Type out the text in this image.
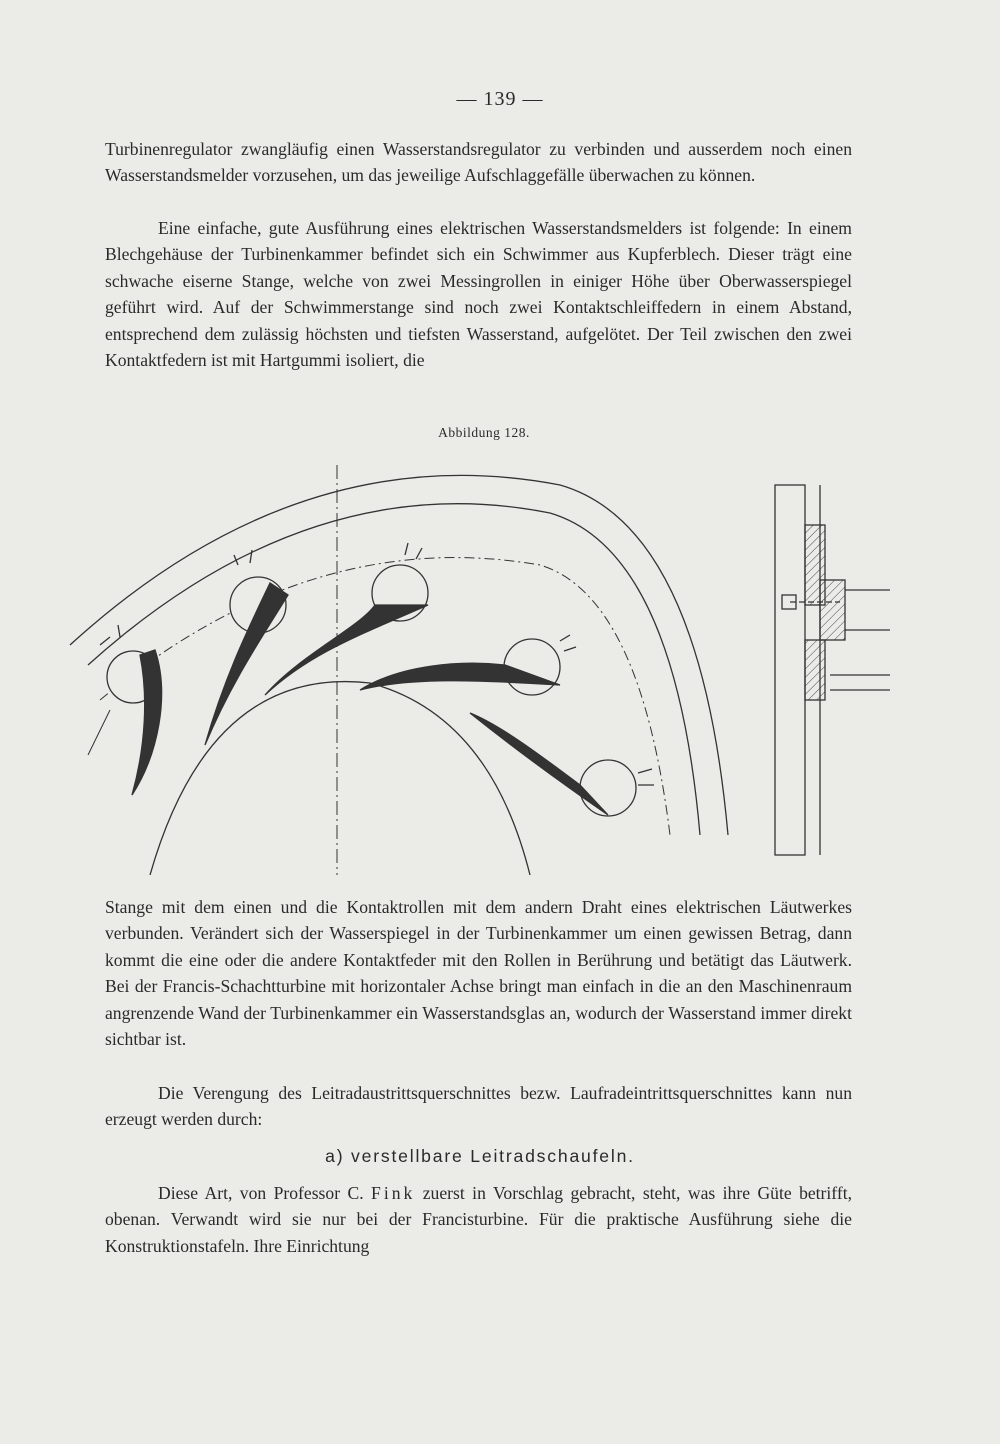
— 139 —

Turbinenregulator zwangläufig einen Wasserstandsregulator zu verbinden und ausserdem noch einen Wasserstandsmelder vorzusehen, um das jeweilige Aufschlaggefälle überwachen zu können.

Eine einfache, gute Ausführung eines elektrischen Wasserstandsmelders ist folgende: In einem Blechgehäuse der Turbinenkammer befindet sich ein Schwimmer aus Kupferblech. Dieser trägt eine schwache eiserne Stange, welche von zwei Messingrollen in einiger Höhe über Oberwasserspiegel geführt wird. Auf der Schwimmerstange sind noch zwei Kontaktschleiffedern in einem Abstand, entsprechend dem zulässig höchsten und tiefsten Wasserstand, aufgelötet. Der Teil zwischen den zwei Kontaktfedern ist mit Hartgummi isoliert, die

Abbildung 128.

Stange mit dem einen und die Kontaktrollen mit dem andern Draht eines elektrischen Läutwerkes verbunden. Verändert sich der Wasserspiegel in der Turbinenkammer um einen gewissen Betrag, dann kommt die eine oder die andere Kontaktfeder mit den Rollen in Berührung und betätigt das Läutwerk. Bei der Francis-Schachtturbine mit horizontaler Achse bringt man einfach in die an den Maschinenraum angrenzende Wand der Turbinenkammer ein Wasserstandsglas an, wodurch der Wasserstand immer direkt sichtbar ist.

Die Verengung des Leitradaustrittsquerschnittes bezw. Laufradeintrittsquerschnittes kann nun erzeugt werden durch:

a) verstellbare Leitradschaufeln.

Diese Art, von Professor C. Fink zuerst in Vorschlag gebracht, steht, was ihre Güte betrifft, obenan. Verwandt wird sie nur bei der Francisturbine. Für die praktische Ausführung siehe die Konstruktionstafeln. Ihre Einrichtung
